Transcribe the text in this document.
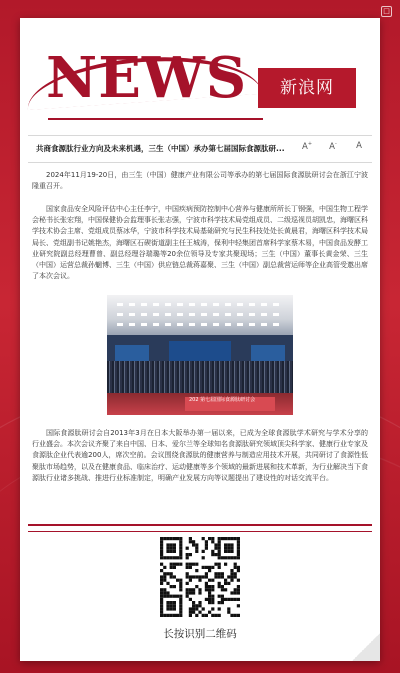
□
NEWS	新浪网
共商食源肽行业方向及未来机遇，三生（中国）承办第七届国际食源肽研... A+	A-	A

2024年11月19-20日，由三生（中国）健康产业有限公司等承办的第七届国际食源肽研讨会在浙江宁波隆重召开。

国家食品安全风险评估中心主任李宁，中国疾病预防控制中心营养与健康所所长丁钢强，中国生物工程学会秘书长张宏翔，中国保健协会监理事长张志强，宁波市科学技术局党组成员、二级巡视员胡凯忠，海曙区科学技术协会主席、党组成员蔡冰华，宁波市科学技术局基础研究与民生科技处处长黄晨君，海曙区科学技术局局长、党组副书记姚艳杰，海曙区石碶街道副主任王城涛，保利中轻集团首席科学家蔡木易，中国食品发酵工业研究院副总经理曹曾、副总经理谷瑞璐等20余位领导及专家共聚现场；三生（中国）董事长黄金荣、三生（中国）运营总裁孙魍博、三生（中国）供应链总裁蒋嘉聚、三生（中国）副总裁营运师等企业高管受邀出席了本次会议。

202 第七届国际食源肽研讨会

国际食源肽研讨会自2013年3月在日本大阪举办第一届以来，已成为全球食源肽学术研究与学术分享的行业盛会。本次会议齐聚了来自中国、日本、爱尔兰等全球知名食源肽研究领域顶尖科学家、健康行业专家及食源肽企业代表逾200人，席次空前。会议围绕食源肽的健康营养与制造应用技术开展，共同研讨了食源性低聚肽市场趋势，以及在健康食品、临床治疗、运动健康等多个领域的最新进展和技术革新，为行业解决当下食源肽行业诸多挑战、推进行业标准制定，明确产业发展方向等议题提出了建设性的对话交流平台。

长按识别二维码
